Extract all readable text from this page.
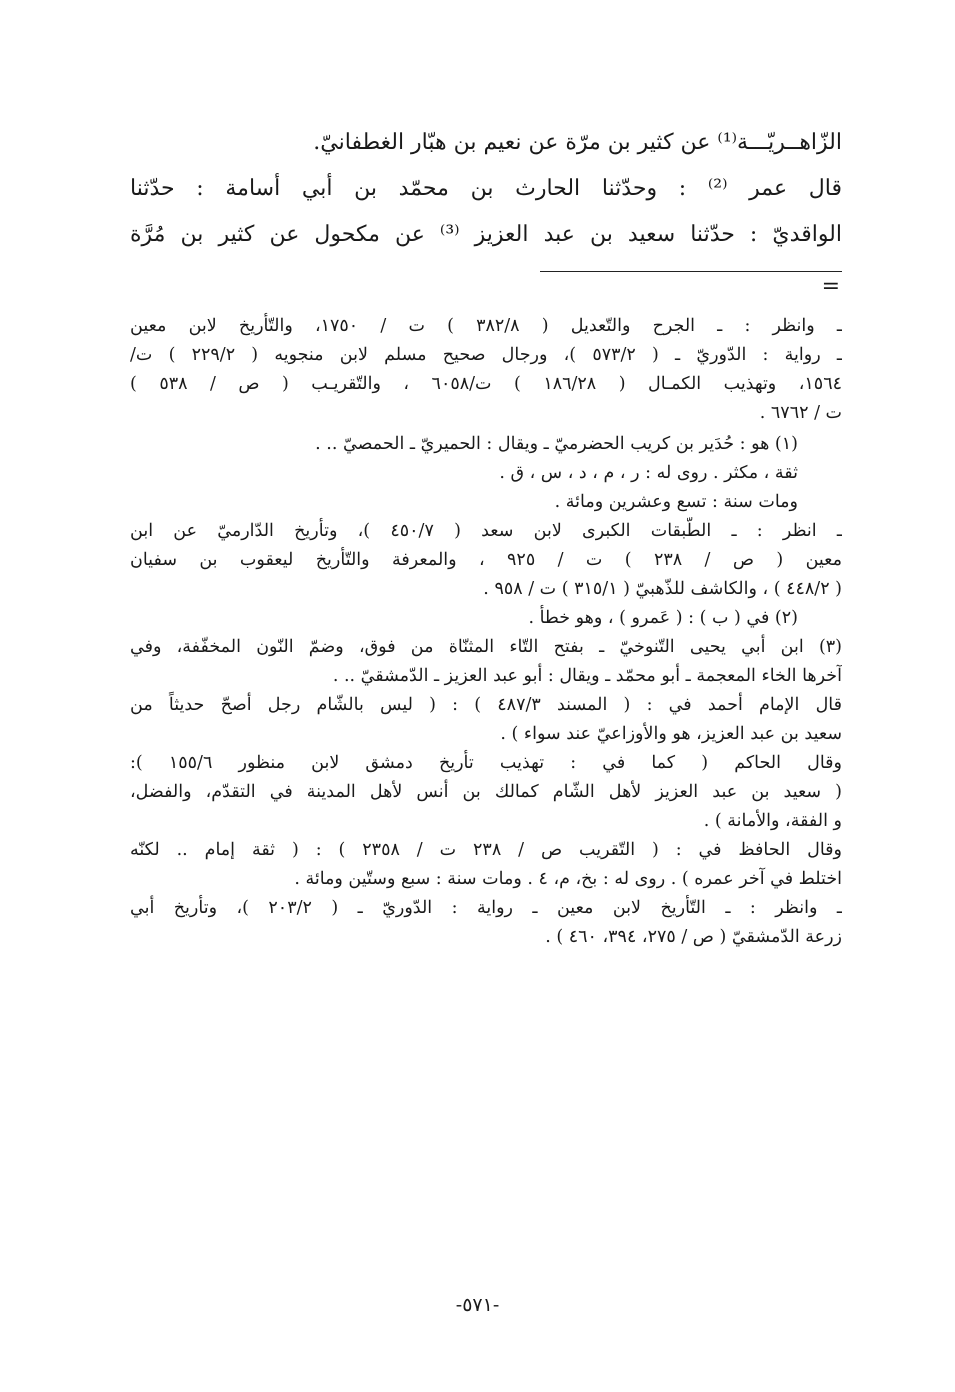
الزّاهــريّـــة⁽¹⁾ عن كثير بن مرّة عن نعيم بن هبّار الغطفانيّ.
قال عمر ⁽²⁾ : وحدّثنا الحارث بن محمّد بن أبي أسامة : حدّثنا
الواقديّ : حدّثنا سعيد بن عبد العزيز ⁽³⁾ عن مكحول عن كثير بن مُرَّة
=
ـ وانظر : ـ الجرح والتّعديل ( ٣٨٢/٨ ) ت / ١٧٥٠، والتّأريخ لابن معين
ـ رواية : الدّوريّ ـ ( ٥٧٣/٢ )، ورجال صحيح مسلم لابن منجويه ( ٢٢٩/٢ ) ت/
١٥٦٤، وتهذيب الكمـال ( ١٨٦/٢٨ ) ت/٦٠٥٨ ، والتّقريـب ( ص / ٥٣٨ )
ت / ٦٧٦٢ .
(١) هو : حُدَير بن كريب الحضرميّ ـ ويقال : الحميريّ ـ الحمصيّ .. .
ثقة ، مكثر . روى له : ر ، م ، د ، س ، ق .
ومات سنة : تسع وعشرين ومائة .
ـ انظر : ـ الطّبقات الكبرى لابن سعد ( ٤٥٠/٧ )، وتأريخ الدّارميّ عن ابن
معين ( ص / ٢٣٨ ) ت / ٩٢٥ ، والمعرفة والتّأريخ ليعقوب بن سفيان
( ٤٤٨/٢ ) ، والكاشف للذّهبيّ ( ٣١٥/١ ) ت / ٩٥٨ .
(٢) في ( ب ) : ( عَمرو ) ، وهو خطأ .
(٣) ابن أبي يحيى التّنوخيّ ـ بفتح التّاء المثنّاة من فوق، وضمّ النّون المخفّفة، وفي
آخرها الخاء المعجمة ـ أبو محمّد ـ ويقال : أبو عبد العزيز ـ الدّمشقيّ .. .
قال الإمام أحمد في : ( المسند ٤٨٧/٣ ) : ( ليس بالشّام رجل أصحّ حديثاً من
سعيد بن عبد العزيز، هو والأوزاعيّ عند سواء ) .
وقال الحاكم ( كما في : تهذيب تأريخ دمشق لابن منظور ١٥٥/٦ ):
( سعيد بن عبد العزيز لأهل الشّام كمالك بن أنس لأهل المدينة في التقدّم، والفضل،
و الفقة، والأمانة ) .
وقال الحافظ في : ( التّقريب ص / ٢٣٨ ت / ٢٣٥٨ ) : ( ثقة إمام .. لكنّه
اختلط في آخر عمره ) . روى له : بخ، م، ٤ . ومات سنة : سبع وستّين ومائة .
ـ وانظر : ـ التّأريخ لابن معين ـ رواية : الدّوريّ ـ ( ٢٠٣/٢ )، وتأريخ أبي
زرعة الدّمشقيّ ( ص / ٢٧٥، ٣٩٤، ٤٦٠ ) .
-٥٧١-
